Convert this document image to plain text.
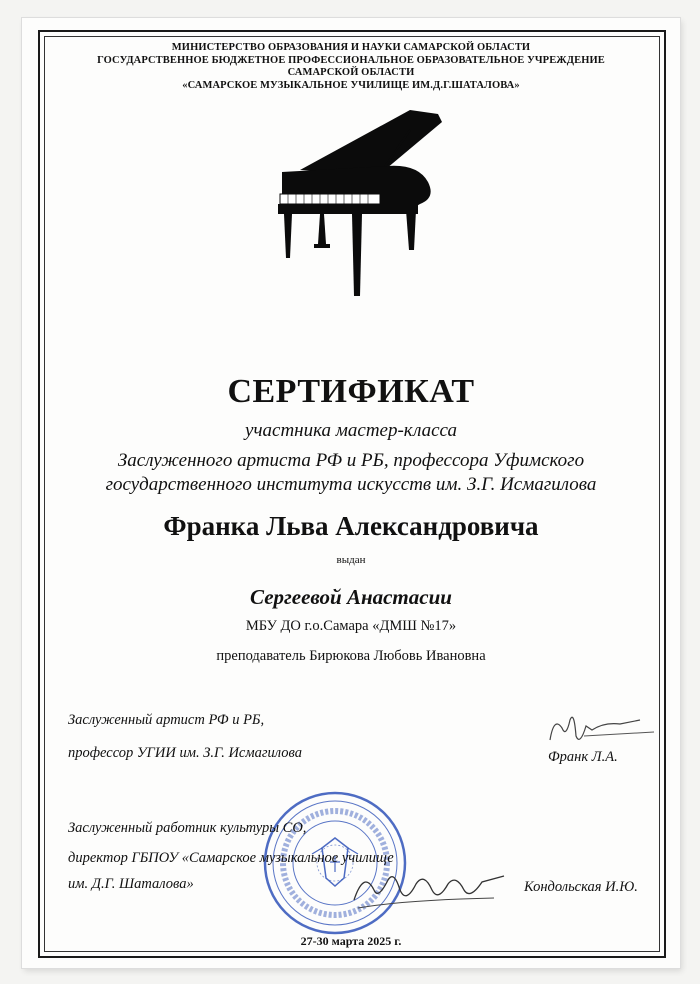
МИНИСТЕРСТВО ОБРАЗОВАНИЯ И НАУКИ САМАРСКОЙ ОБЛАСТИ
ГОСУДАРСТВЕННОЕ БЮДЖЕТНОЕ ПРОФЕССИОНАЛЬНОЕ ОБРАЗОВАТЕЛЬНОЕ УЧРЕЖДЕНИЕ
САМАРСКОЙ ОБЛАСТИ
«САМАРСКОЕ МУЗЫКАЛЬНОЕ УЧИЛИЩЕ ИМ.Д.Г.ШАТАЛОВА»
СЕРТИФИКАТ
участника мастер-класса
Заслуженного артиста РФ и РБ, профессора Уфимского
государственного института искусств им. З.Г. Исмагилова
Франка Льва Александровича
выдан
Сергеевой Анастасии
МБУ ДО г.о.Самара «ДМШ №17»
преподаватель Бирюкова Любовь Ивановна
Заслуженный артист РФ и РБ,
профессор УГИИ им. З.Г. Исмагилова	Франк Л.А.
Заслуженный работник культуры СО,
директор ГБПОУ «Самарское музыкальное училище
им. Д.Г. Шаталова»	Кондольская И.Ю.
27-30 марта 2025 г.
